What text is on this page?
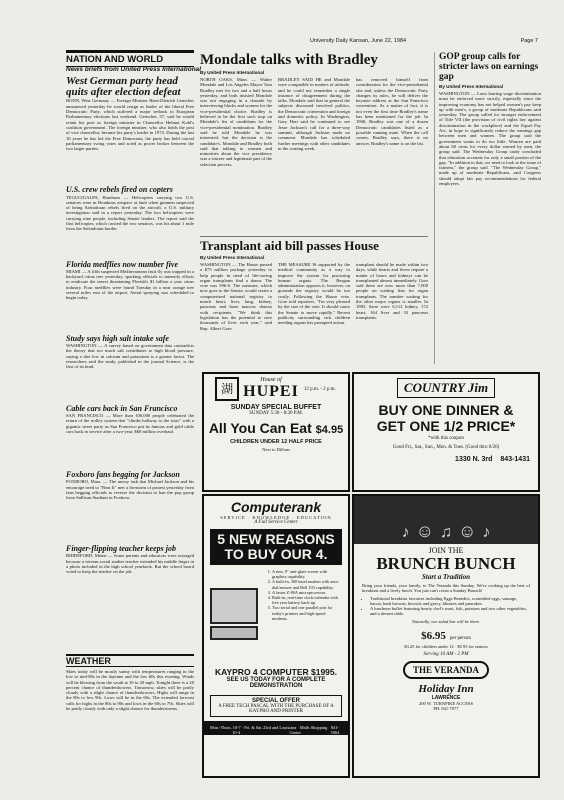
University Daily Kansan, June 22, 1984	Page 7
NATION AND WORLD
News briefs from United Press International
West German party head quits after election defeat
BONN, West Germany — Foreign Minister Hans-Dietrich Genscher announced yesterday he would resign as leader of the liberal Free Democratic Party, which suffered a major setback in European Parliamentary elections last weekend. Genscher, 57, said he would retain his post as foreign minister in Chancellor Helmut Kohl's coalition government. The foreign minister, who also holds the post of vice chancellor, became his party's leader in 1974. During the last 10 years he has led the Free Democrats, the party has held crucial parliamentary swing votes and acted as power broker between the two larger parties.
U.S. crew rebels fired on copters
TEGUCIGALPA, Honduras — Helicopters carrying two U.S. senators were in Honduras airspace at fault when gunmen suspected of being Salvadoran rebels fired on the aircraft, a U.S. military investigation said in a report yesterday. The two helicopters were carrying nine people, including Senate leaders. The report said the first helicopter, which carried the two senators, was hit about 1 mile from the Salvadoran border.
Florida medflies now number five
MIAMI — A fifth suspected Mediterranean fruit fly was trapped in a backyard citrus tree yesterday, sparking officials to intensify efforts to eradicate the insect threatening Florida's $1 billion a year citrus industry. Four medflies were found Tuesday in a near orange tree several miles east of the airport. Aerial spraying was scheduled to begin today.
Study says high salt intake safe
WASHINGTON — A survey based on government data contradicts the theory that too much salt contributes to high blood pressure, saying a diet low in calcium and potassium is a greater factor. The researchers said the study, published in the journal Science, is the first of its kind.
Cable cars back in San Francisco
SAN FRANCISCO — More than 100,000 people celebrated the return of the trolley system that "climbs halfway to the stars" with a gigantic street party as San Francisco put its famous and gold cable cars back in service after a two-year, $60 million overhaul.
Foxboro fans begging for Jackson
FOXBORO, Mass. — The messy task that Michael Jackson and his entourage need to "Beat It" met a firestorm of protest yesterday from fans begging officials to reverse the decision to ban the pop group from Sullivan Stadium in Foxboro.
Finger-flipping teacher keeps job
BIDDEFORD, Maine — Some parents and educators were outraged because a veteran social studies teacher extended his middle finger in a photo included in the high school yearbook. But the school board voted to keep the teacher on the job.
WEATHER
Skies today will be mostly sunny with temperatures ranging in the low to mid-80s in the daytime and the low 60s this evening. Winds will be blowing from the south at 10 to 20 mph. Tonight there is a 20 percent chance of thundershowers. Tomorrow, skies will be partly cloudy with a slight chance of thundershowers. Highs will range in the 80s to low 90s. Lows will be in the 60s. The extended forecast calls for highs in the 80s to 90s and lows in the 60s to 70s. Skies will be partly cloudy with only a slight chance for thunderstorms.
Mondale talks with Bradley
By United Press International
NORTH OAKS, Minn. — Walter Mondale and Los Angeles Mayor Tom Bradley met for two and a half hours yesterday, and both insisted Mondale was not engaging in a charade by interviewing blacks and women for the vice-presidential choice. Bradley is believed to be the first such stop on Mondale's list of candidates for the vice-presidential nomination. Bradley said he told Mondale he was interested, but the decision is the candidate's. Mondale and Bradley both said that talking to women and minorities about the vice presidency was a sincere and legitimate part of the selection process.
BRADLEY SAID HE and Mondale were compatible in matters of attitude, and he could not remember a single instance of disagreement during the talks. Mondale said that in general the subjects discussed involved politics, the Democratic convention and foreign and domestic policy. In Washington, Gary Hart said he continued to see Jesse Jackson's call for a three-way summit, although Jackson made no comment. Mondale has scheduled further meetings with other candidates in the coming week.
has removed himself from consideration for the vice-presidential slot and, unless the Democratic Party changes its rules, he will deliver the keynote address at the San Francisco convention. As a matter of fact, it is not even the first time Bradley's name has been mentioned for the job. In 1968, Bradley was one of a dozen Democratic candidates listed as a possible running mate. When the call comes, Bradley says, there is no answer. Bradley's name is on the list.
GOP group calls for stricter laws on earnings gap
By United Press International
WASHINGTON — Laws barring wage discrimination must be enforced more strictly, especially since the improving economy has not helped women's pay keep up with men's, a group of moderate Republicans said yesterday. The group called for stronger enforcement of Title VII (the provision of civil rights law against discrimination in the workplace) and the Equal Pay Act, in hope to significantly reduce the earnings gap between men and women. The group said the government wants to do too little. Women are paid about 60 cents for every dollar earned by men, the group said. The Wednesday Group study concluded that education accounts for only a small portion of the gap. "In addition to that, we need to look at the issue of fairness," the group said. "The Wednesday Group," made up of moderate Republicans, said Congress should adopt fair pay recommendations for federal employees.
Transplant aid bill passes House
By United Press International
WASHINGTON — The House passed a $75 million package yesterday to help people in need of life-saving organ transplants find a donor. The vote was 396-6. The measure, which now goes to the Senate, would create a computerized national registry to match heart, liver, lung, kidney, pancreas and bone marrow donors with recipients. "We think this legislation has the potential to save thousands of lives each year," said Rep. Albert Gore.
THE MEASURE IS supported by the medical community as a way to improve the system for procuring human organs. The Reagan administration opposes it, however, on grounds the registry would be too costly. Following the House vote, Gore told reporters, "I'm very pleased by the size of the vote. It should cause the Senate to move rapidly." Recent publicity surrounding sick children needing organs has prompted action.
transplant should be made within two days, while hearts and livers require a matter of hours and kidneys can be transplanted almost immediately. Gore said there are now more than 7,000 people on waiting lists for organ transplants. The number waiting for the other major organs is smaller. In 1983, there were 6,112 kidney, 172 heart, 164 liver and 33 pancreas transplants.
湖
House of
HUPEI 12 p.m. - 2 p.m.
SUNDAY SPECIAL BUFFET
SUNDAY 5:30 - 8:30 P.M.
All You Can Eat $4.95
CHILDREN UNDER 12 HALF PRICE
Next to Dillons
COUNTRY Jim
BUY ONE DINNER &
GET ONE 1/2 PRICE*
*with this coupon
Good Fri., Sat., Sun., Mon. & Tues. (Good thru 6/26)
1330 N. 3rd 843-1431
Computerank
SERVICE · KNOWLEDGE · EDUCATION
A Full Service Center
5 NEW REASONS
TO BUY OUR 4.
1. A new, 9" anti-glare screen with graphics capability.
2. A built-in, 300 baud modem with auto-dial/answer and Bell 103 capability.
3. A faster Z-80A microprocessor.
4. Built-in, real-time clock/calendar with five year battery back-up.
5. Two serial and one parallel port for today's printers and high-speed modems.
KAYPRO 4 COMPUTER $1995.
SEE US TODAY FOR A COMPLETE DEMONSTRATION
SPECIAL OFFER
A FREE TECH PASCAL WITH THE PURCHASE OF A KAYPRO AND PRINTER
Mon.-Thurs. 10-7 · Fri. & Sat. 10-4
23rd and Louisiana · Malls Shopping Center
841-5064
♪ ☺ ♫ ☺ ♪
JOIN THE
BRUNCH BUNCH
Start a Tradition
Bring your friends, your family, to The Veranda this Sunday. We're cooking up the best of breakfast and a lively lunch. You just can't resist a Sunday Brunch!
• Traditional breakfast favorites including Eggs Benedict, scrambled eggs, sausage, bacon, hash browns, biscuits and gravy, blintzes and pancakes.
• A luncheon buffet featuring hearty chef's roast, fish, potatoes and two other vegetables, and a dessert table.
Naturally, our salad bar will be there.
$6.95 per person
$3.25 for children under 12 · $5.95 for seniors
Serving 10 AM - 2 PM
THE VERANDA
Holiday Inn
LAWRENCE
200 W. TURNPIKE ACCESS
PH. 841-7077
